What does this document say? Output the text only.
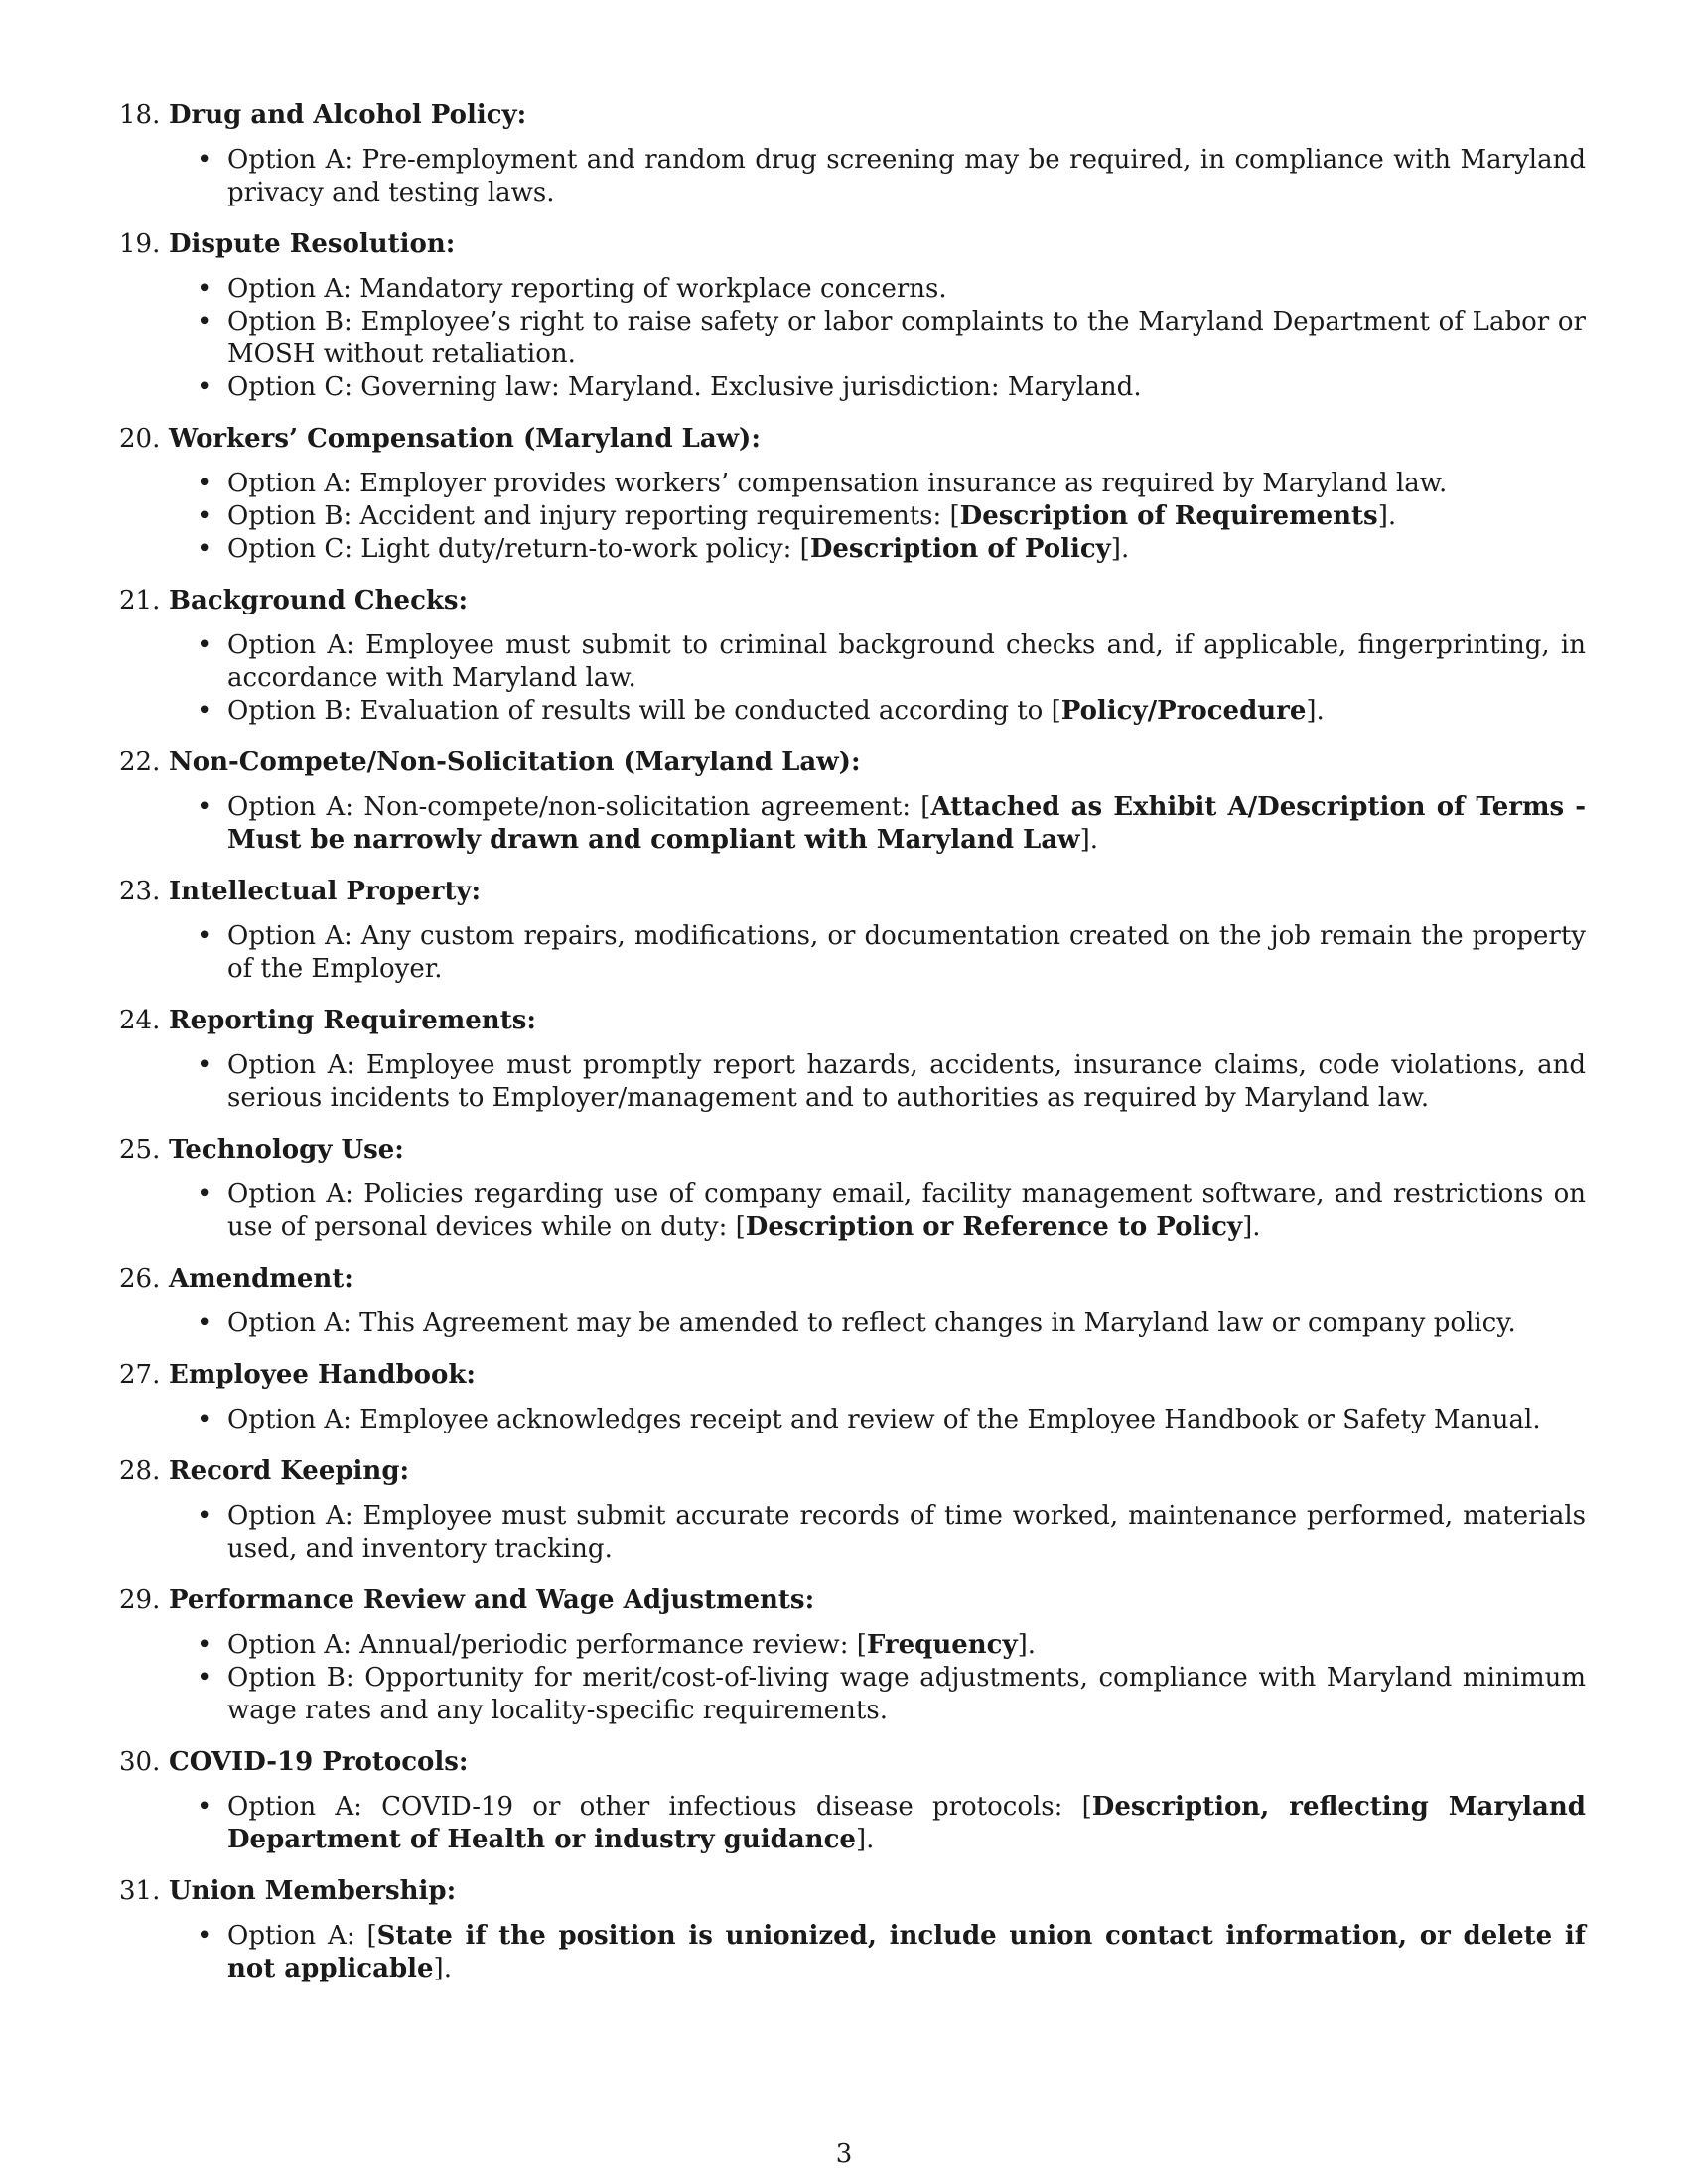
18. Drug and Alcohol Policy:
• Option A: Pre-employment and random drug screening may be required, in compliance with Maryland privacy and testing laws.
19. Dispute Resolution:
• Option A: Mandatory reporting of workplace concerns.
• Option B: Employee’s right to raise safety or labor complaints to the Maryland Department of Labor or MOSH without retaliation.
• Option C: Governing law: Maryland. Exclusive jurisdiction: Maryland.
20. Workers’ Compensation (Maryland Law):
• Option A: Employer provides workers’ compensation insurance as required by Maryland law.
• Option B: Accident and injury reporting requirements: [Description of Requirements].
• Option C: Light duty/return-to-work policy: [Description of Policy].
21. Background Checks:
• Option A: Employee must submit to criminal background checks and, if applicable, fingerprinting, in accordance with Maryland law.
• Option B: Evaluation of results will be conducted according to [Policy/Procedure].
22. Non-Compete/Non-Solicitation (Maryland Law):
• Option A: Non-compete/non-solicitation agreement: [Attached as Exhibit A/Description of Terms - Must be narrowly drawn and compliant with Maryland Law].
23. Intellectual Property:
• Option A: Any custom repairs, modifications, or documentation created on the job remain the property of the Employer.
24. Reporting Requirements:
• Option A: Employee must promptly report hazards, accidents, insurance claims, code violations, and serious incidents to Employer/management and to authorities as required by Maryland law.
25. Technology Use:
• Option A: Policies regarding use of company email, facility management software, and restrictions on use of personal devices while on duty: [Description or Reference to Policy].
26. Amendment:
• Option A: This Agreement may be amended to reflect changes in Maryland law or company policy.
27. Employee Handbook:
• Option A: Employee acknowledges receipt and review of the Employee Handbook or Safety Manual.
28. Record Keeping:
• Option A: Employee must submit accurate records of time worked, maintenance performed, materials used, and inventory tracking.
29. Performance Review and Wage Adjustments:
• Option A: Annual/periodic performance review: [Frequency].
• Option B: Opportunity for merit/cost-of-living wage adjustments, compliance with Maryland minimum wage rates and any locality-specific requirements.
30. COVID-19 Protocols:
• Option A: COVID-19 or other infectious disease protocols: [Description, reflecting Maryland Department of Health or industry guidance].
31. Union Membership:
• Option A: [State if the position is unionized, include union contact information, or delete if not applicable].
3
